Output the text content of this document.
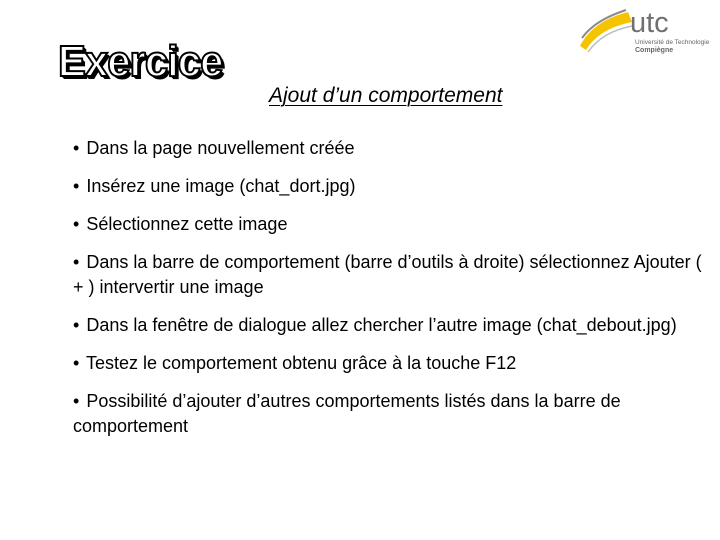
Exercice
utc
Université de Technologie
Compiègne
Ajout d’un comportement
• Dans la page nouvellement créée
• Insérez une image (chat_dort.jpg)
• Sélectionnez cette image
• Dans la barre de comportement (barre d’outils à droite) sélectionnez Ajouter ( + ) intervertir une image
• Dans la fenêtre de dialogue allez chercher l’autre image (chat_debout.jpg)
• Testez le comportement obtenu grâce à la touche F12
• Possibilité d’ajouter d’autres comportements listés dans la barre de comportement
